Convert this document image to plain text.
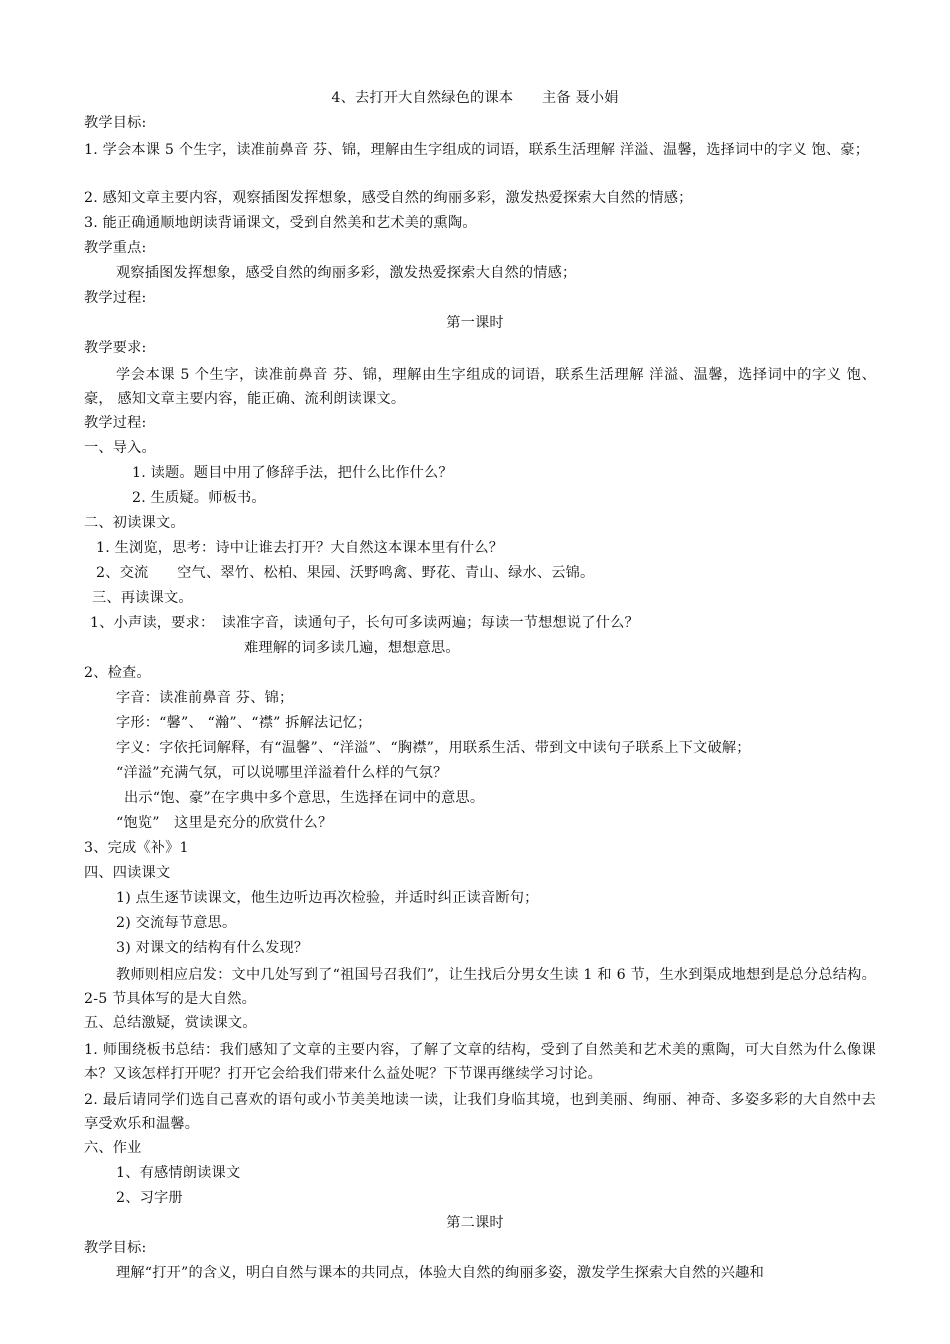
4、去打开大自然绿色的课本　　主备 聂小娟
教学目标:
1. 学会本课 5 个生字，读准前鼻音 芬、锦，理解由生字组成的词语，联系生活理解 洋溢、温馨，选择词中的字义 饱、豪；
2. 感知文章主要内容，观察插图发挥想象，感受自然的绚丽多彩，激发热爱探索大自然的情感；
3. 能正确通顺地朗读背诵课文，受到自然美和艺术美的熏陶。
教学重点:
观察插图发挥想象，感受自然的绚丽多彩，激发热爱探索大自然的情感；
教学过程:
第一课时
教学要求:
学会本课 5 个生字，读准前鼻音 芬、锦，理解由生字组成的词语，联系生活理解 洋溢、温馨，选择词中的字义 饱、豪， 感知文章主要内容，能正确、流利朗读课文。
教学过程:
一、导入。
1. 读题。题目中用了修辞手法，把什么比作什么？
2. 生质疑。师板书。
二、初读课文。
1. 生浏览，思考：诗中让谁去打开？大自然这本课本里有什么？
2、交流　　空气、翠竹、松柏、果园、沃野鸣禽、野花、青山、绿水、云锦。
三、再读课文。
1、小声读，要求：　读准字音，读通句子，长句可多读两遍；每读一节想想说了什么？
难理解的词多读几遍，想想意思。
2、检查。
字音：读准前鼻音 芬、锦；
字形：“馨”、 “瀚”、“襟” 拆解法记忆；
字义：字依托词解释，有“温馨”、“洋溢”、“胸襟”，用联系生活、带到文中读句子联系上下文破解；
“洋溢”充满气氛，可以说哪里洋溢着什么样的气氛？
出示“饱、豪”在字典中多个意思，生选择在词中的意思。
“饱览”　这里是充分的欣赏什么？
3、完成《补》1
四、四读课文
1) 点生逐节读课文，他生边听边再次检验，并适时纠正读音断句；
2) 交流每节意思。
3) 对课文的结构有什么发现？
教师则相应启发：文中几处写到了“祖国号召我们”，让生找后分男女生读 1 和 6 节，生水到渠成地想到是总分总结构。2-5 节具体写的是大自然。
五、总结激疑，赏读课文。
1. 师围绕板书总结：我们感知了文章的主要内容，了解了文章的结构，受到了自然美和艺术美的熏陶，可大自然为什么像课本？又该怎样打开呢？打开它会给我们带来什么益处呢？下节课再继续学习讨论。
2. 最后请同学们选自己喜欢的语句或小节美美地读一读，让我们身临其境，也到美丽、绚丽、神奇、多姿多彩的大自然中去享受欢乐和温馨。
六、作业
1、有感情朗读课文
2、习字册
第二课时
教学目标:
理解“打开”的含义，明白自然与课本的共同点，体验大自然的绚丽多姿，激发学生探索大自然的兴趣和
